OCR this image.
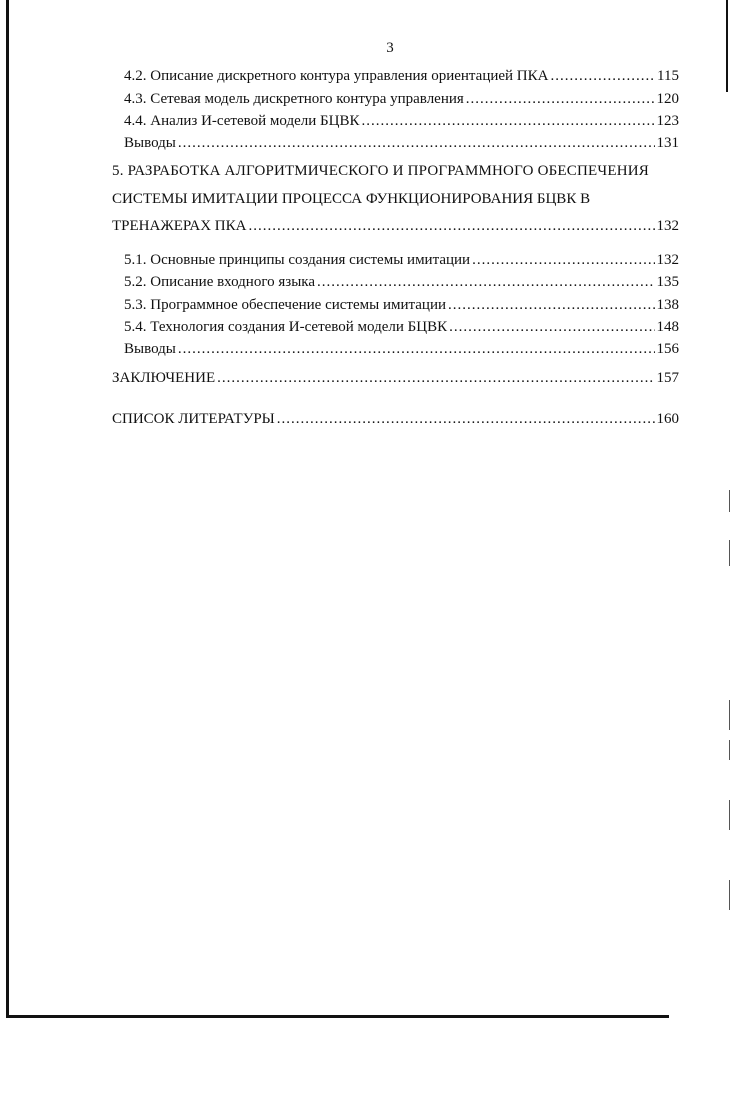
3
4.2. Описание дискретного контура управления ориентацией ПКА .....	115
4.3. Сетевая модель дискретного контура управления .....	120
4.4. Анализ И-сетевой модели БЦВК .....	123
Выводы .....	131
5. РАЗРАБОТКА АЛГОРИТМИЧЕСКОГО И ПРОГРАММНОГО ОБЕСПЕЧЕНИЯ
СИСТЕМЫ ИМИТАЦИИ ПРОЦЕССА ФУНКЦИОНИРОВАНИЯ БЦВК В
ТРЕНАЖЕРАХ ПКА .....	132
5.1. Основные принципы создания системы имитации .....	132
5.2. Описание входного языка .....	135
5.3. Программное обеспечение системы имитации .....	138
5.4. Технология создания И-сетевой модели БЦВК .....	148
Выводы .....	156
ЗАКЛЮЧЕНИЕ .....	157
СПИСОК ЛИТЕРАТУРЫ .....	160
